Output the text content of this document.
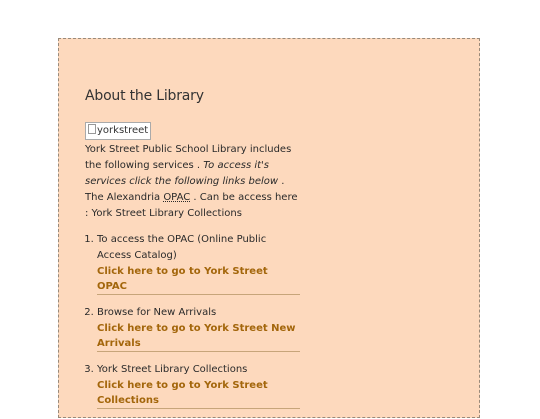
About the Library
yorkstreet

York Street Public School Library includes the following services . To access it's services click the following links below . The Alexandria OPAC . Can be access here : York Street Library Collections

1. To access the OPAC (Online Public Access Catalog)
Click here to go to York Street OPAC
2. Browse for New Arrivals
Click here to go to York Street New Arrivals
3. York Street Library Collections
Click here to go to York Street Collections
